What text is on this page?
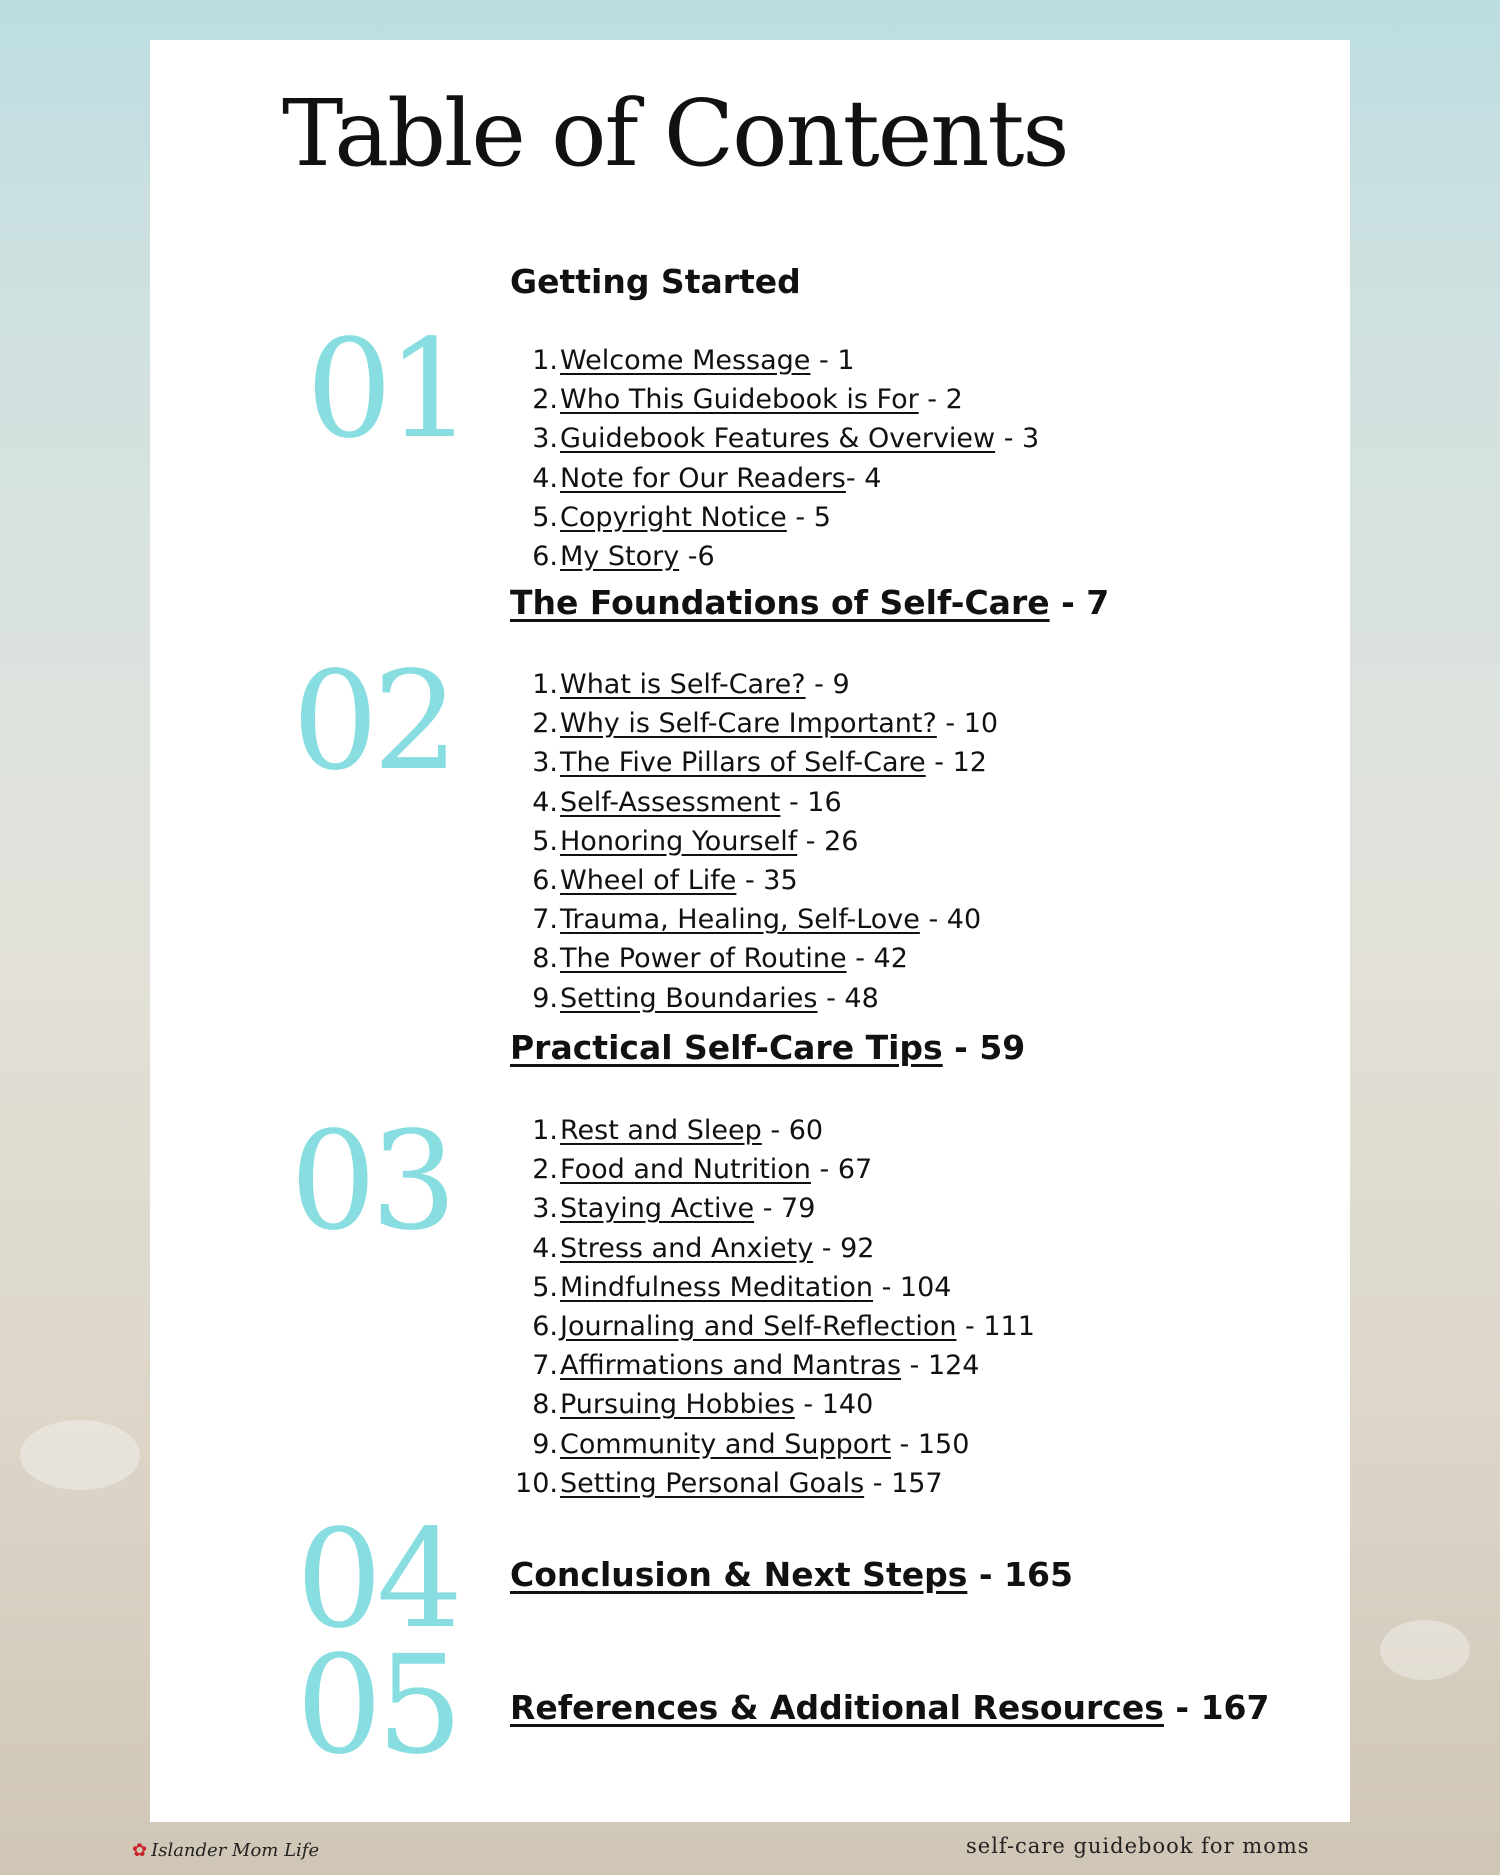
Table of Contents
01
Getting Started
1.Welcome Message - 1
2.Who This Guidebook is For - 2
3.Guidebook Features & Overview - 3
4.Note for Our Readers- 4
5.Copyright Notice - 5
6.My Story -6
02
The Foundations of Self-Care - 7
1.What is Self-Care? - 9
2.Why is Self-Care Important? - 10
3.The Five Pillars of Self-Care - 12
4.Self-Assessment - 16
5.Honoring Yourself - 26
6.Wheel of Life - 35
7.Trauma, Healing, Self-Love - 40
8.The Power of Routine - 42
9.Setting Boundaries - 48
03
Practical Self-Care Tips - 59
1.Rest and Sleep - 60
2.Food and Nutrition - 67
3.Staying Active - 79
4.Stress and Anxiety - 92
5.Mindfulness Meditation - 104
6.Journaling and Self-Reflection - 111
7.Affirmations and Mantras - 124
8.Pursuing Hobbies - 140
9.Community and Support - 150
10.Setting Personal Goals - 157
04 Conclusion & Next Steps - 165
05 References & Additional Resources - 167
✿ Islander Mom Life	self-care guidebook for moms
